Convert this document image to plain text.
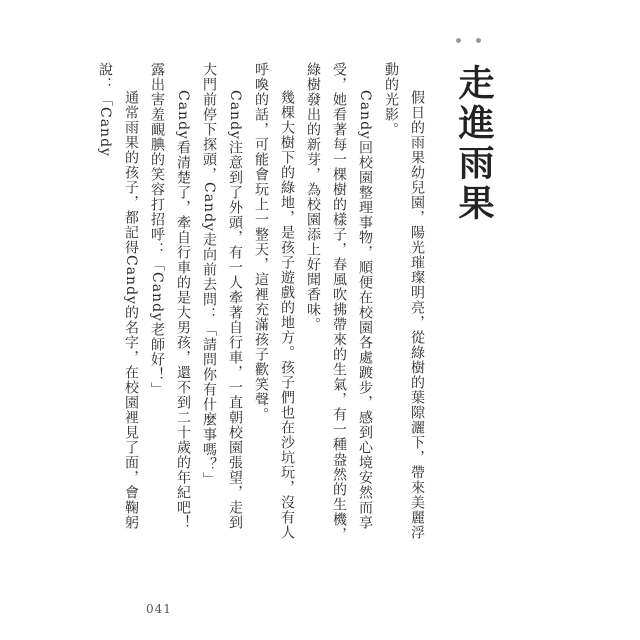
走進雨果

假日的雨果幼兒園，陽光璀璨明亮，從綠樹的葉隙灑下，帶來美麗浮動的光影。

Candy回校園整理事物，順便在校園各處踱步，感到心境安然而享受，她看著每一棵樹的樣子，春風吹拂帶來的生氣，有一種盎然的生機，綠樹發出的新芽，為校園添上好聞香味。

幾棵大樹下的綠地，是孩子遊戲的地方。孩子們也在沙坑玩，沒有人呼喚的話，可能會玩上一整天，這裡充滿孩子歡笑聲。

Candy注意到了外頭，有一人牽著自行車，一直朝校園張望，走到大門前停下探頭，Candy走向前去問：「請問你有什麼事嗎？」

Candy看清楚了，牽自行車的是大男孩，還不到二十歲的年紀吧！露出害羞靦腆的笑容打招呼：「Candy老師好！」

通常雨果的孩子，都記得Candy的名字，在校園裡見了面，會鞠躬說：「Candy

041
